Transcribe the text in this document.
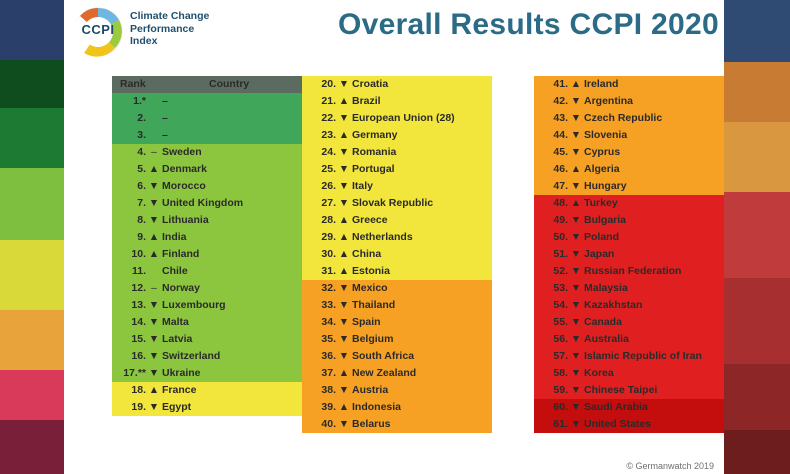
CCPI
Climate Change
Performance
Index	Overall Results CCPI 2020
Rank	Country
1.*		–
2.		–
3.		–
4.	–	Sweden
5.	▲	Denmark
6.	▼	Morocco
7.	▼	United Kingdom
8.	▼	Lithuania
9.	▲	India
10.	▲	Finland
11.		Chile
12.	–	Norway
13.	▼	Luxembourg
14.	▼	Malta
15.	▼	Latvia
16.	▼	Switzerland
17.**	▼	Ukraine
18.	▲	France
19.	▼	Egypt
20.	▼	Croatia
21.	▲	Brazil
22.	▼	European Union (28)
23.	▲	Germany
24.	▼	Romania
25.	▼	Portugal
26.	▼	Italy
27.	▼	Slovak Republic
28.	▲	Greece
29.	▲	Netherlands
30.	▲	China
31.	▲	Estonia
32.	▼	Mexico
33.	▼	Thailand
34.	▼	Spain
35.	▼	Belgium
36.	▼	South Africa
37.	▲	New Zealand
38.	▼	Austria
39.	▲	Indonesia
40.	▼	Belarus
41.	▲	Ireland
42.	▼	Argentina
43.	▼	Czech Republic
44.	▼	Slovenia
45.	▼	Cyprus
46.	▲	Algeria
47.	▼	Hungary
48.	▲	Turkey
49.	▼	Bulgaria
50.	▼	Poland
51.	▼	Japan
52.	▼	Russian Federation
53.	▼	Malaysia
54.	▼	Kazakhstan
55.	▼	Canada
56.	▼	Australia
57.	▼	Islamic Republic of Iran
58.	▼	Korea
59.	▼	Chinese Taipei
60.	▼	Saudi Arabia
61.	▼	United States
© Germanwatch 2019
